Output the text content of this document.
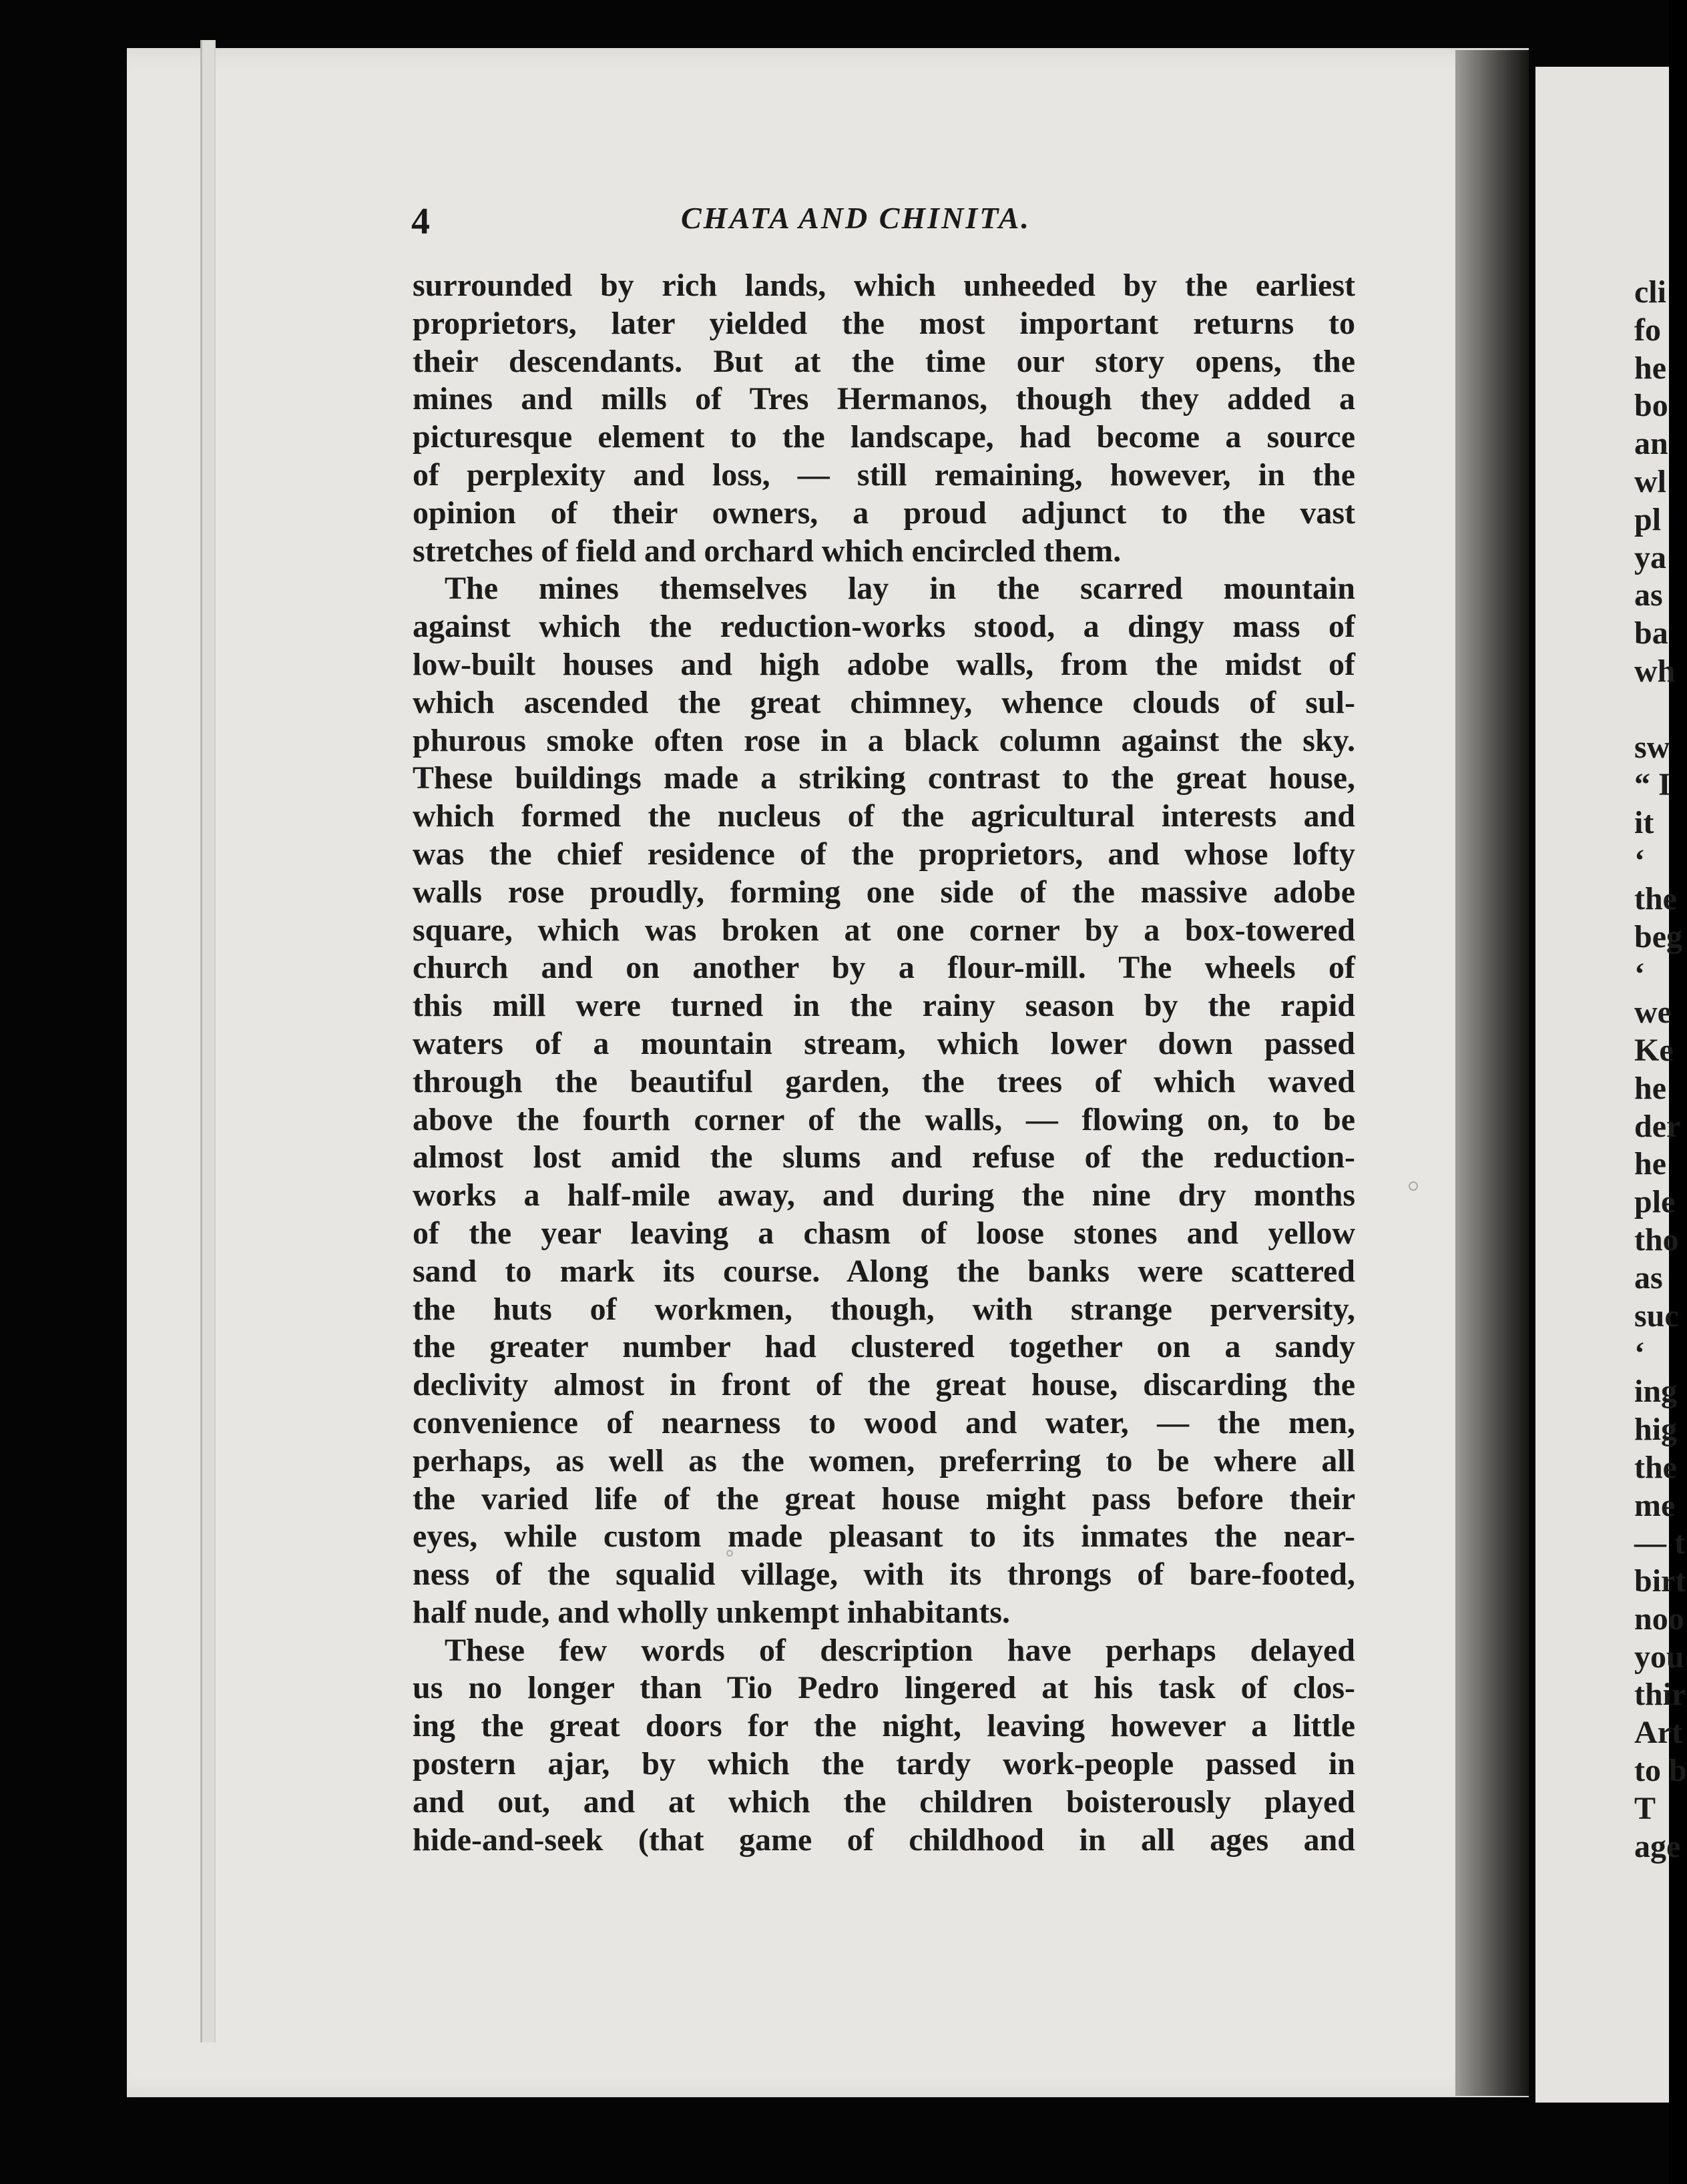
4	CHATA AND CHINITA.
surrounded by rich lands, which unheeded by the earliest
proprietors, later yielded the most important returns to
their descendants. But at the time our story opens, the
mines and mills of Tres Hermanos, though they added a
picturesque element to the landscape, had become a source
of perplexity and loss, — still remaining, however, in the
opinion of their owners, a proud adjunct to the vast
stretches of field and orchard which encircled them.
The mines themselves lay in the scarred mountain
against which the reduction-works stood, a dingy mass of
low-built houses and high adobe walls, from the midst of
which ascended the great chimney, whence clouds of sul-
phurous smoke often rose in a black column against the sky.
These buildings made a striking contrast to the great house,
which formed the nucleus of the agricultural interests and
was the chief residence of the proprietors, and whose lofty
walls rose proudly, forming one side of the massive adobe
square, which was broken at one corner by a box-towered
church and on another by a flour-mill. The wheels of
this mill were turned in the rainy season by the rapid
waters of a mountain stream, which lower down passed
through the beautiful garden, the trees of which waved
above the fourth corner of the walls, — flowing on, to be
almost lost amid the slums and refuse of the reduction-
works a half-mile away, and during the nine dry months
of the year leaving a chasm of loose stones and yellow
sand to mark its course. Along the banks were scattered
the huts of workmen, though, with strange perversity,
the greater number had clustered together on a sandy
declivity almost in front of the great house, discarding the
convenience of nearness to wood and water, — the men,
perhaps, as well as the women, preferring to be where all
the varied life of the great house might pass before their
eyes, while custom made pleasant to its inmates the near-
ness of the squalid village, with its throngs of bare-footed,
half nude, and wholly unkempt inhabitants.
These few words of description have perhaps delayed
us no longer than Tio Pedro lingered at his task of clos-
ing the great doors for the night, leaving however a little
postern ajar, by which the tardy work-people passed in
and out, and at which the children boisterously played
hide-and-seek (that game of childhood in all ages and
cli
fo
he
bo
an
wl
pl
ya
as
ba
wh
sw
“ I
it
‘
the
beg
‘
we
Ke
he
der
he
ple
tho
as
suc
‘
ing
hig
the
me
— t
birt
noo
you
thir
Art
to b
T
age
